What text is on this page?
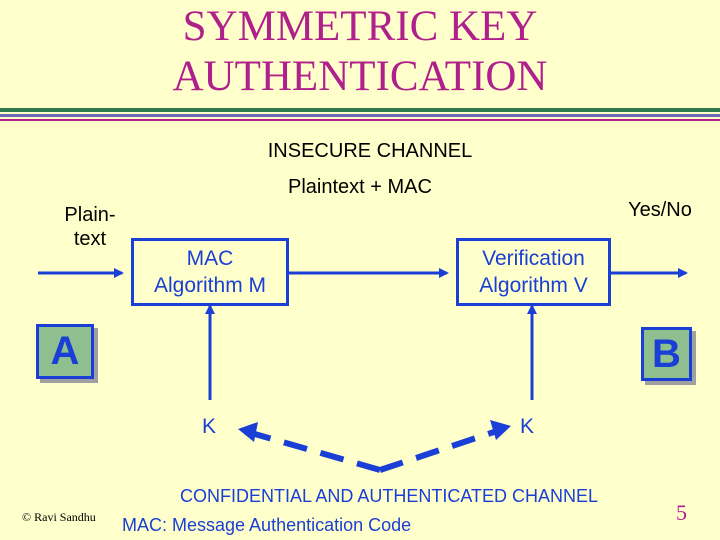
SYMMETRIC KEY
AUTHENTICATION
INSECURE CHANNEL
Plaintext + MAC
Plain-
text
Yes/No
MAC
Algorithm M
Verification
Algorithm V
A	B
K	K
CONFIDENTIAL AND AUTHENTICATED CHANNEL
MAC: Message Authentication Code
© Ravi Sandhu	5
